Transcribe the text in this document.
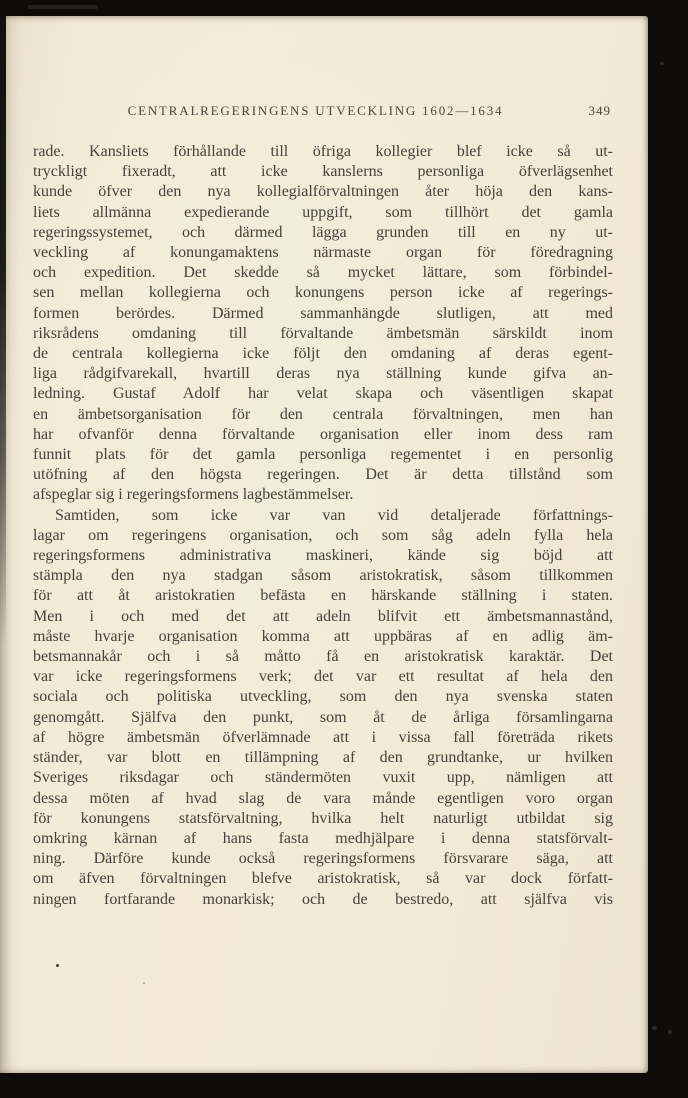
CENTRALREGERINGENS UTVECKLING 1602—1634	349
rade. Kansliets förhållande till öfriga kollegier blef icke så ut-
tryckligt fixeradt, att icke kanslerns personliga öfverlägsenhet
kunde öfver den nya kollegialförvaltningen åter höja den kans-
liets allmänna expedierande uppgift, som tillhört det gamla
regeringssystemet, och därmed lägga grunden till en ny ut-
veckling af konungamaktens närmaste organ för föredragning
och expedition. Det skedde så mycket lättare, som förbindel-
sen mellan kollegierna och konungens person icke af regerings-
formen berördes. Därmed sammanhängde slutligen, att med
riksrådens omdaning till förvaltande ämbetsmän särskildt inom
de centrala kollegierna icke följt den omdaning af deras egent-
liga rådgifvarekall, hvartill deras nya ställning kunde gifva an-
ledning. Gustaf Adolf har velat skapa och väsentligen skapat
en ämbetsorganisation för den centrala förvaltningen, men han
har ofvanför denna förvaltande organisation eller inom dess ram
funnit plats för det gamla personliga regementet i en personlig
utöfning af den högsta regeringen. Det är detta tillstånd som
afspeglar sig i regeringsformens lagbestämmelser.
Samtiden, som icke var van vid detaljerade författnings-
lagar om regeringens organisation, och som såg adeln fylla hela
regeringsformens administrativa maskineri, kände sig böjd att
stämpla den nya stadgan såsom aristokratisk, såsom tillkommen
för att åt aristokratien befästa en härskande ställning i staten.
Men i och med det att adeln blifvit ett ämbetsmannastånd,
måste hvarje organisation komma att uppbäras af en adlig äm-
betsmannakår och i så måtto få en aristokratisk karaktär. Det
var icke regeringsformens verk; det var ett resultat af hela den
sociala och politiska utveckling, som den nya svenska staten
genomgått. Själfva den punkt, som åt de årliga församlingarna
af högre ämbetsmän öfverlämnade att i vissa fall företräda rikets
ständer, var blott en tillämpning af den grundtanke, ur hvilken
Sveriges riksdagar och ständermöten vuxit upp, nämligen att
dessa möten af hvad slag de vara månde egentligen voro organ
för konungens statsförvaltning, hvilka helt naturligt utbildat sig
omkring kärnan af hans fasta medhjälpare i denna statsförvalt-
ning. Därföre kunde också regeringsformens försvarare säga, att
om äfven förvaltningen blefve aristokratisk, så var dock författ-
ningen fortfarande monarkisk; och de bestredo, att själfva vis
